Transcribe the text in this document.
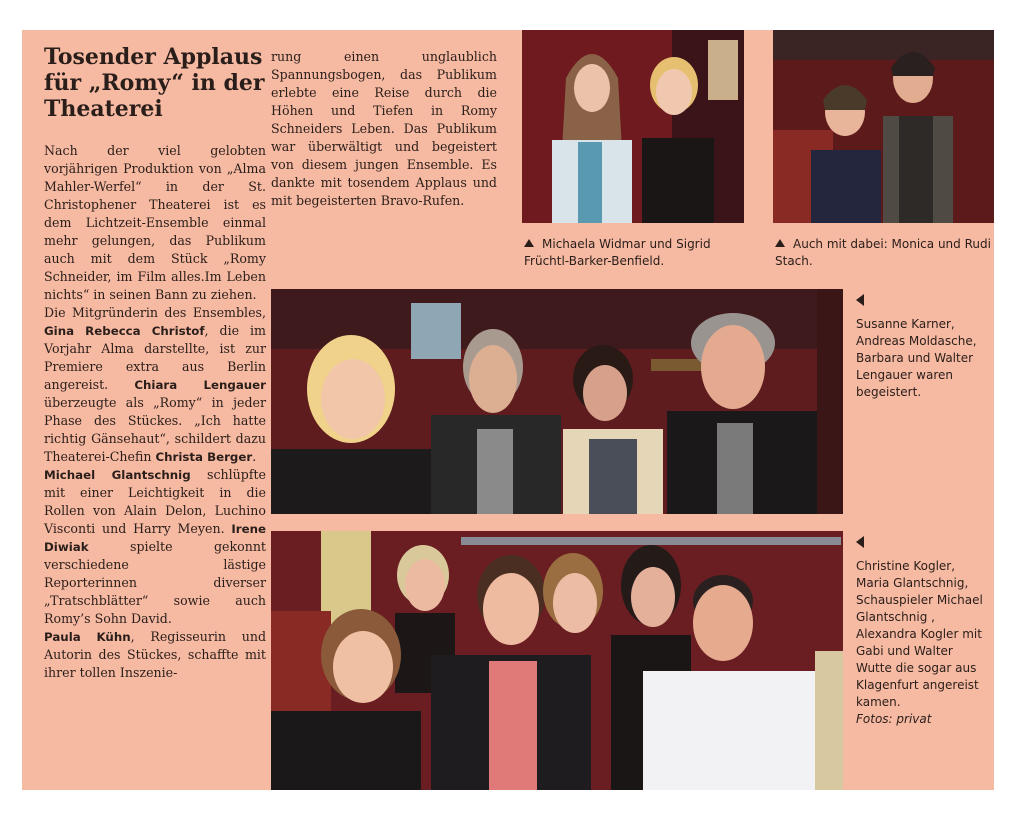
Tosender Applaus für „Romy“ in der Theaterei

Nach der viel gelobten vorjährigen Produktion von „Alma Mahler-Werfel“ in der St. Christophener Theaterei ist es dem Lichtzeit-Ensemble einmal mehr gelungen, das Publikum auch mit dem Stück „Romy Schneider, im Film alles.Im Leben nichts“ in seinen Bann zu ziehen.

Die Mitgründerin des Ensembles, Gina Rebecca Christof, die im Vorjahr Alma darstellte, ist zur Premiere extra aus Berlin angereist. Chiara Lengauer überzeugte als „Romy“ in jeder Phase des Stückes. „Ich hatte richtig Gänsehaut“, schildert dazu Theaterei-Chefin Christa Berger.

Michael Glantschnig schlüpfte mit einer Leichtigkeit in die Rollen von Alain Delon, Luchino Visconti und Harry Meyen. Irene Diwiak spielte gekonnt verschiedene lästige Reporterinnen diverser „Tratschblätter“ sowie auch Romy’s Sohn David.

Paula Kühn, Regisseurin und Autorin des Stückes, schaffte mit ihrer tollen Inszenie-

rung einen unglaublich Spannungsbogen, das Publikum erlebte eine Reise durch die Höhen und Tiefen in Romy Schneiders Leben. Das Publikum war überwältigt und begeistert von diesem jungen Ensemble. Es dankte mit tosendem Applaus und mit begeisterten Bravo-Rufen.

Michaela Widmar und Sigrid Früchtl-Barker-Benfield.
Auch mit dabei: Monica und Rudi Stach.
Susanne Karner, Andreas Moldasche, Barbara und Walter Lengauer waren begeistert.
Christine Kogler, Maria Glantschnig, Schauspieler Michael Glantschnig , Alexandra Kogler mit Gabi und Walter Wutte die sogar aus Klagenfurt angereist kamen.
Fotos: privat
